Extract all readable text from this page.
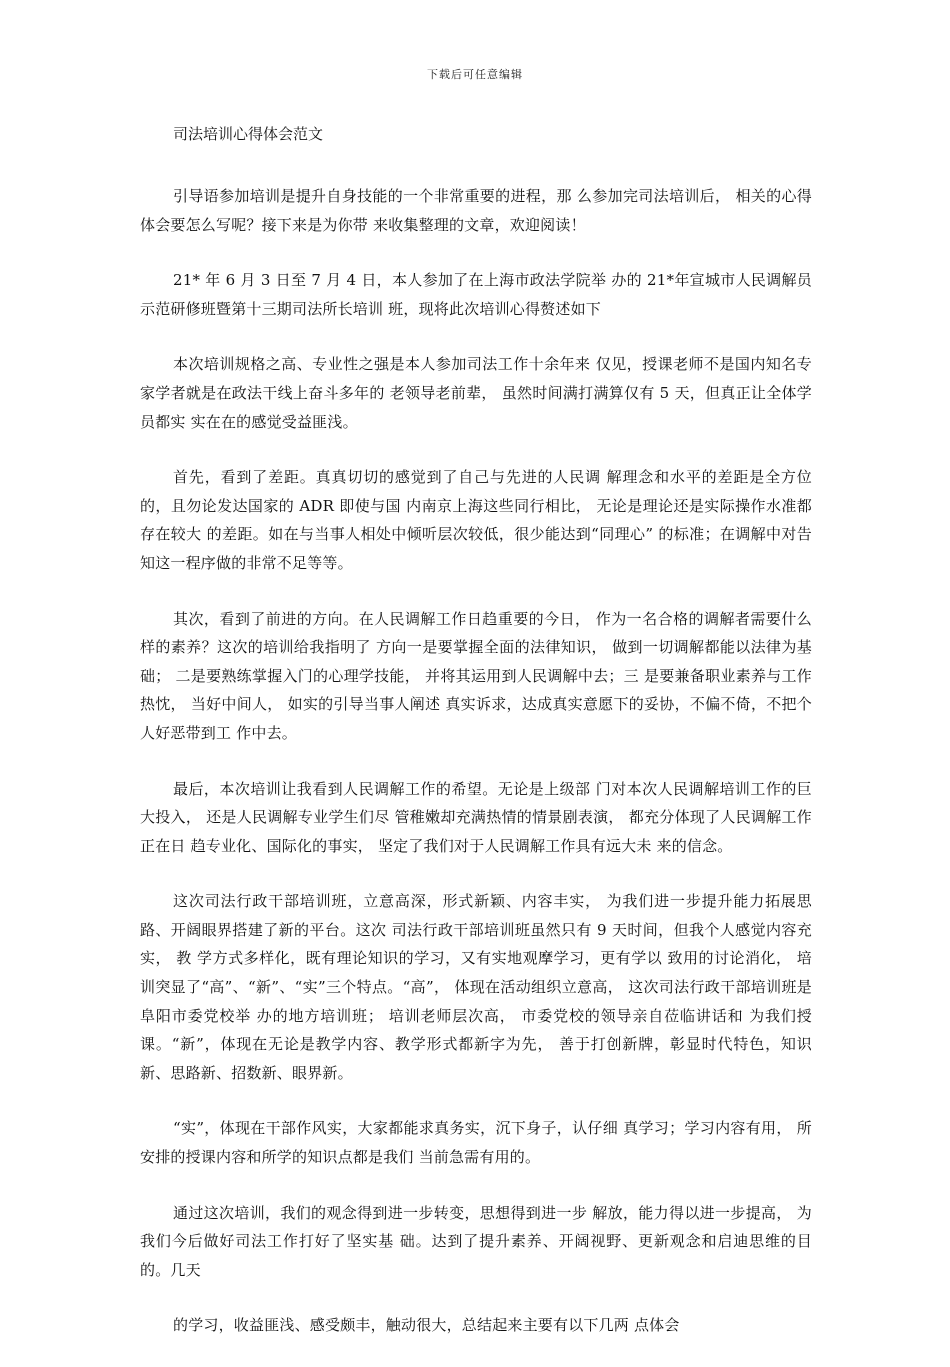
下载后可任意编辑
司法培训心得体会范文

引导语参加培训是提升自身技能的一个非常重要的进程，那 么参加完司法培训后， 相关的心得体会要怎么写呢？接下来是为你带 来收集整理的文章，欢迎阅读！

21* 年 6 月 3 日至 7 月 4 日，本人参加了在上海市政法学院举 办的 21*年宣城市人民调解员示范研修班暨第十三期司法所长培训 班，现将此次培训心得赘述如下

本次培训规格之高、专业性之强是本人参加司法工作十余年来 仅见，授课老师不是国内知名专家学者就是在政法干线上奋斗多年的 老领导老前辈， 虽然时间满打满算仅有 5 天，但真正让全体学员都实 实在在的感觉受益匪浅。

首先，看到了差距。真真切切的感觉到了自己与先进的人民调 解理念和水平的差距是全方位的，且勿论发达国家的 ADR 即使与国 内南京上海这些同行相比， 无论是理论还是实际操作水准都存在较大 的差距。如在与当事人相处中倾听层次较低，很少能达到“同理心” 的标准；在调解中对告知这一程序做的非常不足等等。

其次，看到了前进的方向。在人民调解工作日趋重要的今日， 作为一名合格的调解者需要什么样的素养？这次的培训给我指明了 方向一是要掌握全面的法律知识， 做到一切调解都能以法律为基础； 二是要熟练掌握入门的心理学技能， 并将其运用到人民调解中去；三 是要兼备职业素养与工作热忱， 当好中间人， 如实的引导当事人阐述 真实诉求，达成真实意愿下的妥协，不偏不倚，不把个人好恶带到工 作中去。

最后，本次培训让我看到人民调解工作的希望。无论是上级部 门对本次人民调解培训工作的巨大投入， 还是人民调解专业学生们尽 管稚嫩却充满热情的情景剧表演， 都充分体现了人民调解工作正在日 趋专业化、国际化的事实， 坚定了我们对于人民调解工作具有远大未 来的信念。

这次司法行政干部培训班，立意高深，形式新颖、内容丰实， 为我们进一步提升能力拓展思路、开阔眼界搭建了新的平台。这次 司法行政干部培训班虽然只有 9 天时间，但我个人感觉内容充实， 教 学方式多样化，既有理论知识的学习，又有实地观摩学习，更有学以 致用的讨论消化， 培训突显了“高”、“新”、“实”三个特点。“高”， 体现在活动组织立意高， 这次司法行政干部培训班是阜阳市委党校举 办的地方培训班； 培训老师层次高， 市委党校的领导亲自莅临讲话和 为我们授课。“新”，体现在无论是教学内容、教学形式都新字为先， 善于打创新牌，彰显时代特色，知识新、思路新、招数新、眼界新。

“实”，体现在干部作风实，大家都能求真务实，沉下身子，认仔细 真学习；学习内容有用， 所安排的授课内容和所学的知识点都是我们 当前急需有用的。

通过这次培训，我们的观念得到进一步转变，思想得到进一步 解放，能力得以进一步提高， 为我们今后做好司法工作打好了坚实基 础。达到了提升素养、开阔视野、更新观念和启迪思维的目的。几天

的学习，收益匪浅、感受颇丰，触动很大，总结起来主要有以下几两 点体会
